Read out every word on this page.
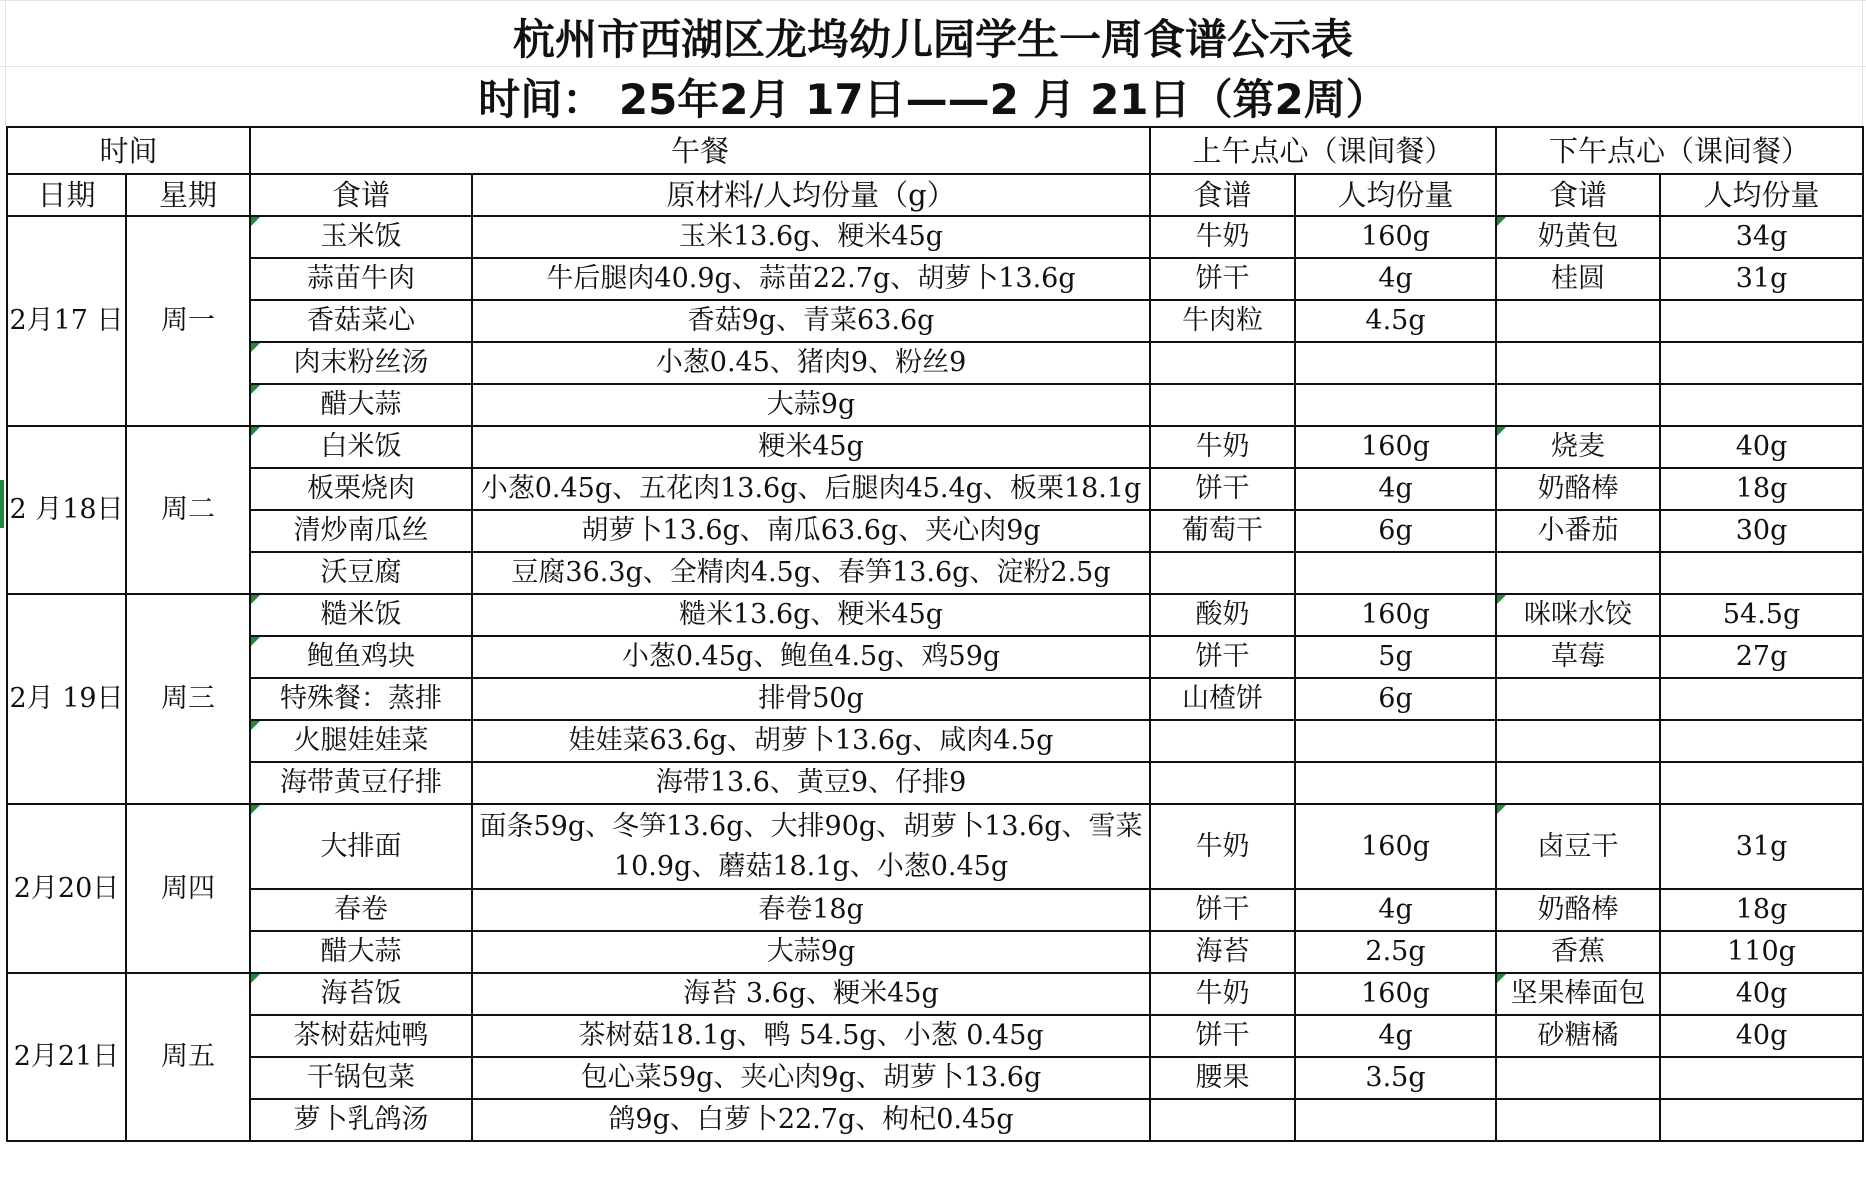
杭州市西湖区龙坞幼儿园学生一周食谱公示表
时间： 25年2月 17日——2 月 21日（第2周）
时间		午餐		上午点心（课间餐）		下午点心（课间餐）	
日期	星期	食谱	原材料/人均份量（g）	食谱	人均份量	食谱	人均份量
2月17 日	周一	玉米饭	玉米13.6g、粳米45g	牛奶	160g	奶黄包	34g
		蒜苗牛肉	牛后腿肉40.9g、蒜苗22.7g、胡萝卜13.6g	饼干	4g	桂圆	31g
		香菇菜心	香菇9g、青菜63.6g	牛肉粒	4.5g		
		肉末粉丝汤	小葱0.45、猪肉9、粉丝9				
		醋大蒜	大蒜9g				
2 月18日	周二	白米饭	粳米45g	牛奶	160g	烧麦	40g
		板栗烧肉	小葱0.45g、五花肉13.6g、后腿肉45.4g、板栗18.1g	饼干	4g	奶酪棒	18g
		清炒南瓜丝	胡萝卜13.6g、南瓜63.6g、夹心肉9g	葡萄干	6g	小番茄	30g
		沃豆腐	豆腐36.3g、全精肉4.5g、春笋13.6g、淀粉2.5g				
2月 19日	周三	糙米饭	糙米13.6g、粳米45g	酸奶	160g	咪咪水饺	54.5g
		鲍鱼鸡块	小葱0.45g、鲍鱼4.5g、鸡59g	饼干	5g	草莓	27g
		特殊餐：蒸排	排骨50g	山楂饼	6g		
		火腿娃娃菜	娃娃菜63.6g、胡萝卜13.6g、咸肉4.5g				
		海带黄豆仔排	海带13.6、黄豆9、仔排9				
2月20日	周四	大排面	面条59g、冬笋13.6g、大排90g、胡萝卜13.6g、雪菜10.9g、蘑菇18.1g、小葱0.45g	牛奶	160g	卤豆干	31g
		春卷	春卷18g	饼干	4g	奶酪棒	18g
		醋大蒜	大蒜9g	海苔	2.5g	香蕉	110g
2月21日	周五	海苔饭	海苔 3.6g、粳米45g	牛奶	160g	坚果棒面包	40g
		茶树菇炖鸭	茶树菇18.1g、鸭 54.5g、小葱 0.45g	饼干	4g	砂糖橘	40g
		干锅包菜	包心菜59g、夹心肉9g、胡萝卜13.6g	腰果	3.5g		
		萝卜乳鸽汤	鸽9g、白萝卜22.7g、枸杞0.45g				
